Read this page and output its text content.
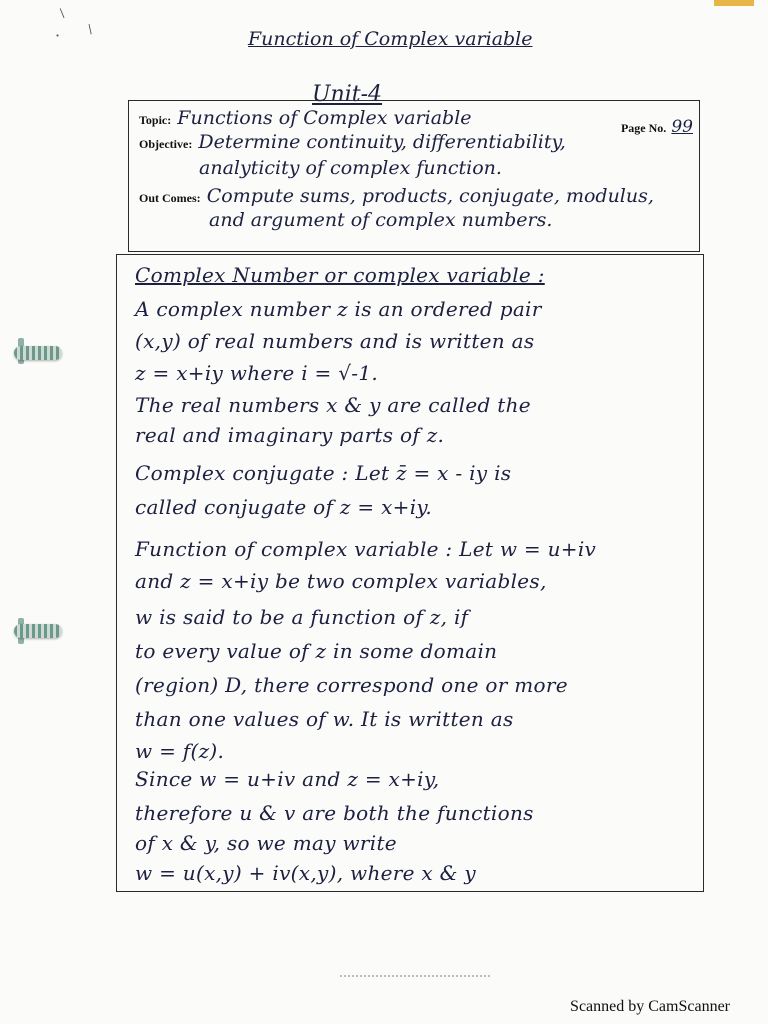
/
· /	Function of Complex variable
Unit-4
Topic: Functions of Complex variable	Page No. 99
Objective: Determine continuity, differentiability,
analyticity of complex function.
Out Comes: Compute sums, products, conjugate, modulus,
and argument of complex numbers.
Complex Number or complex variable :
A complex number z is an ordered pair
(x,y) of real numbers and is written as
z = x+iy where i = √-1.
The real numbers x & y are called the
real and imaginary parts of z.
Complex conjugate : Let z̄ = x - iy is
called conjugate of z = x+iy.
Function of complex variable : Let w = u+iv
and z = x+iy be two complex variables,
w is said to be a function of z, if
to every value of z in some domain
(region) D, there correspond one or more
than one values of w. It is written as
w = f(z).
Since w = u+iv and z = x+iy,
therefore u & v are both the functions
of x & y, so we may write
w = u(x,y) + iv(x,y), where x & y
Scanned by CamScanner
